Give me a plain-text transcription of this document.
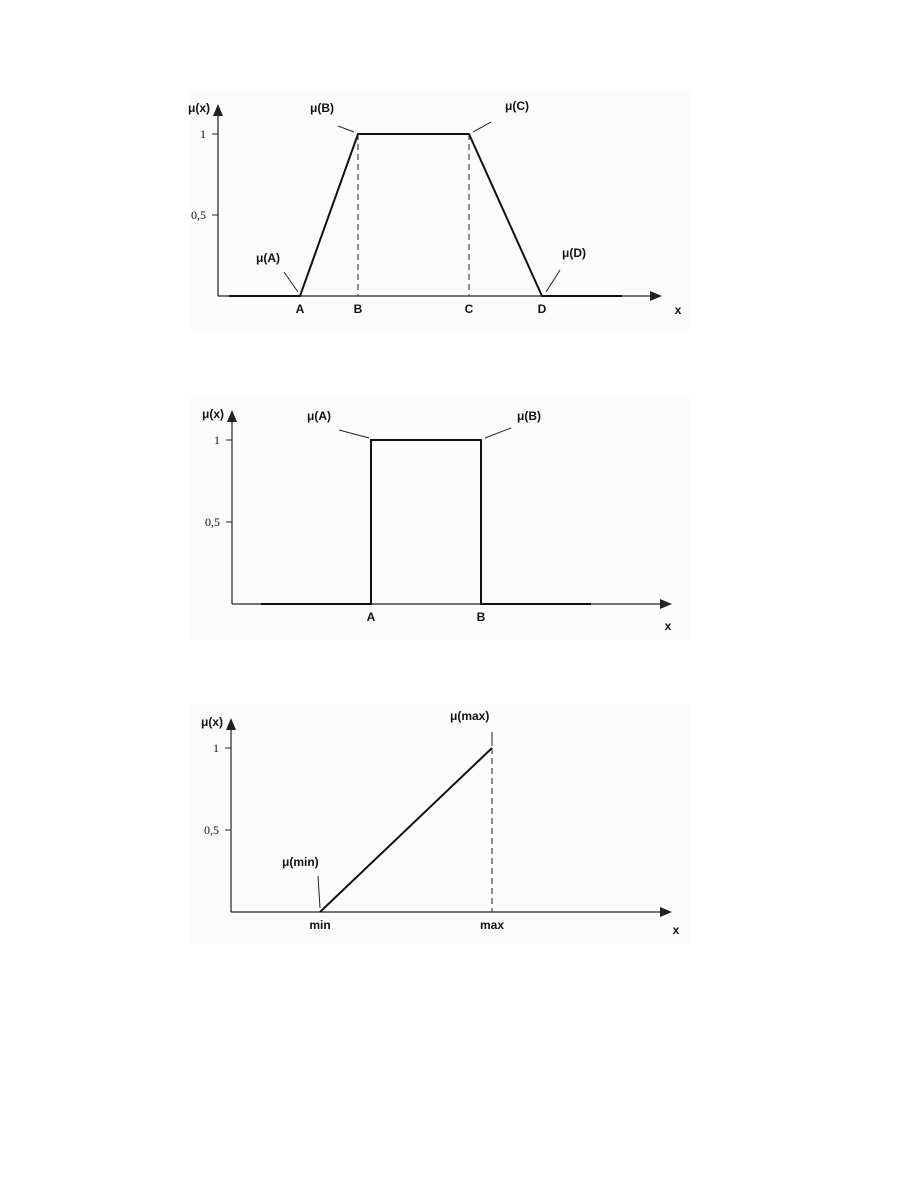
μ(x)
x
1
0,5
A	B	C	D
μ(A)
μ(B)	μ(C)
μ(D)
μ(x)
x
1
0,5
A	B
μ(A)	μ(B)
μ(x)
x
1
0,5
min	max
μ(min)
μ(max)
